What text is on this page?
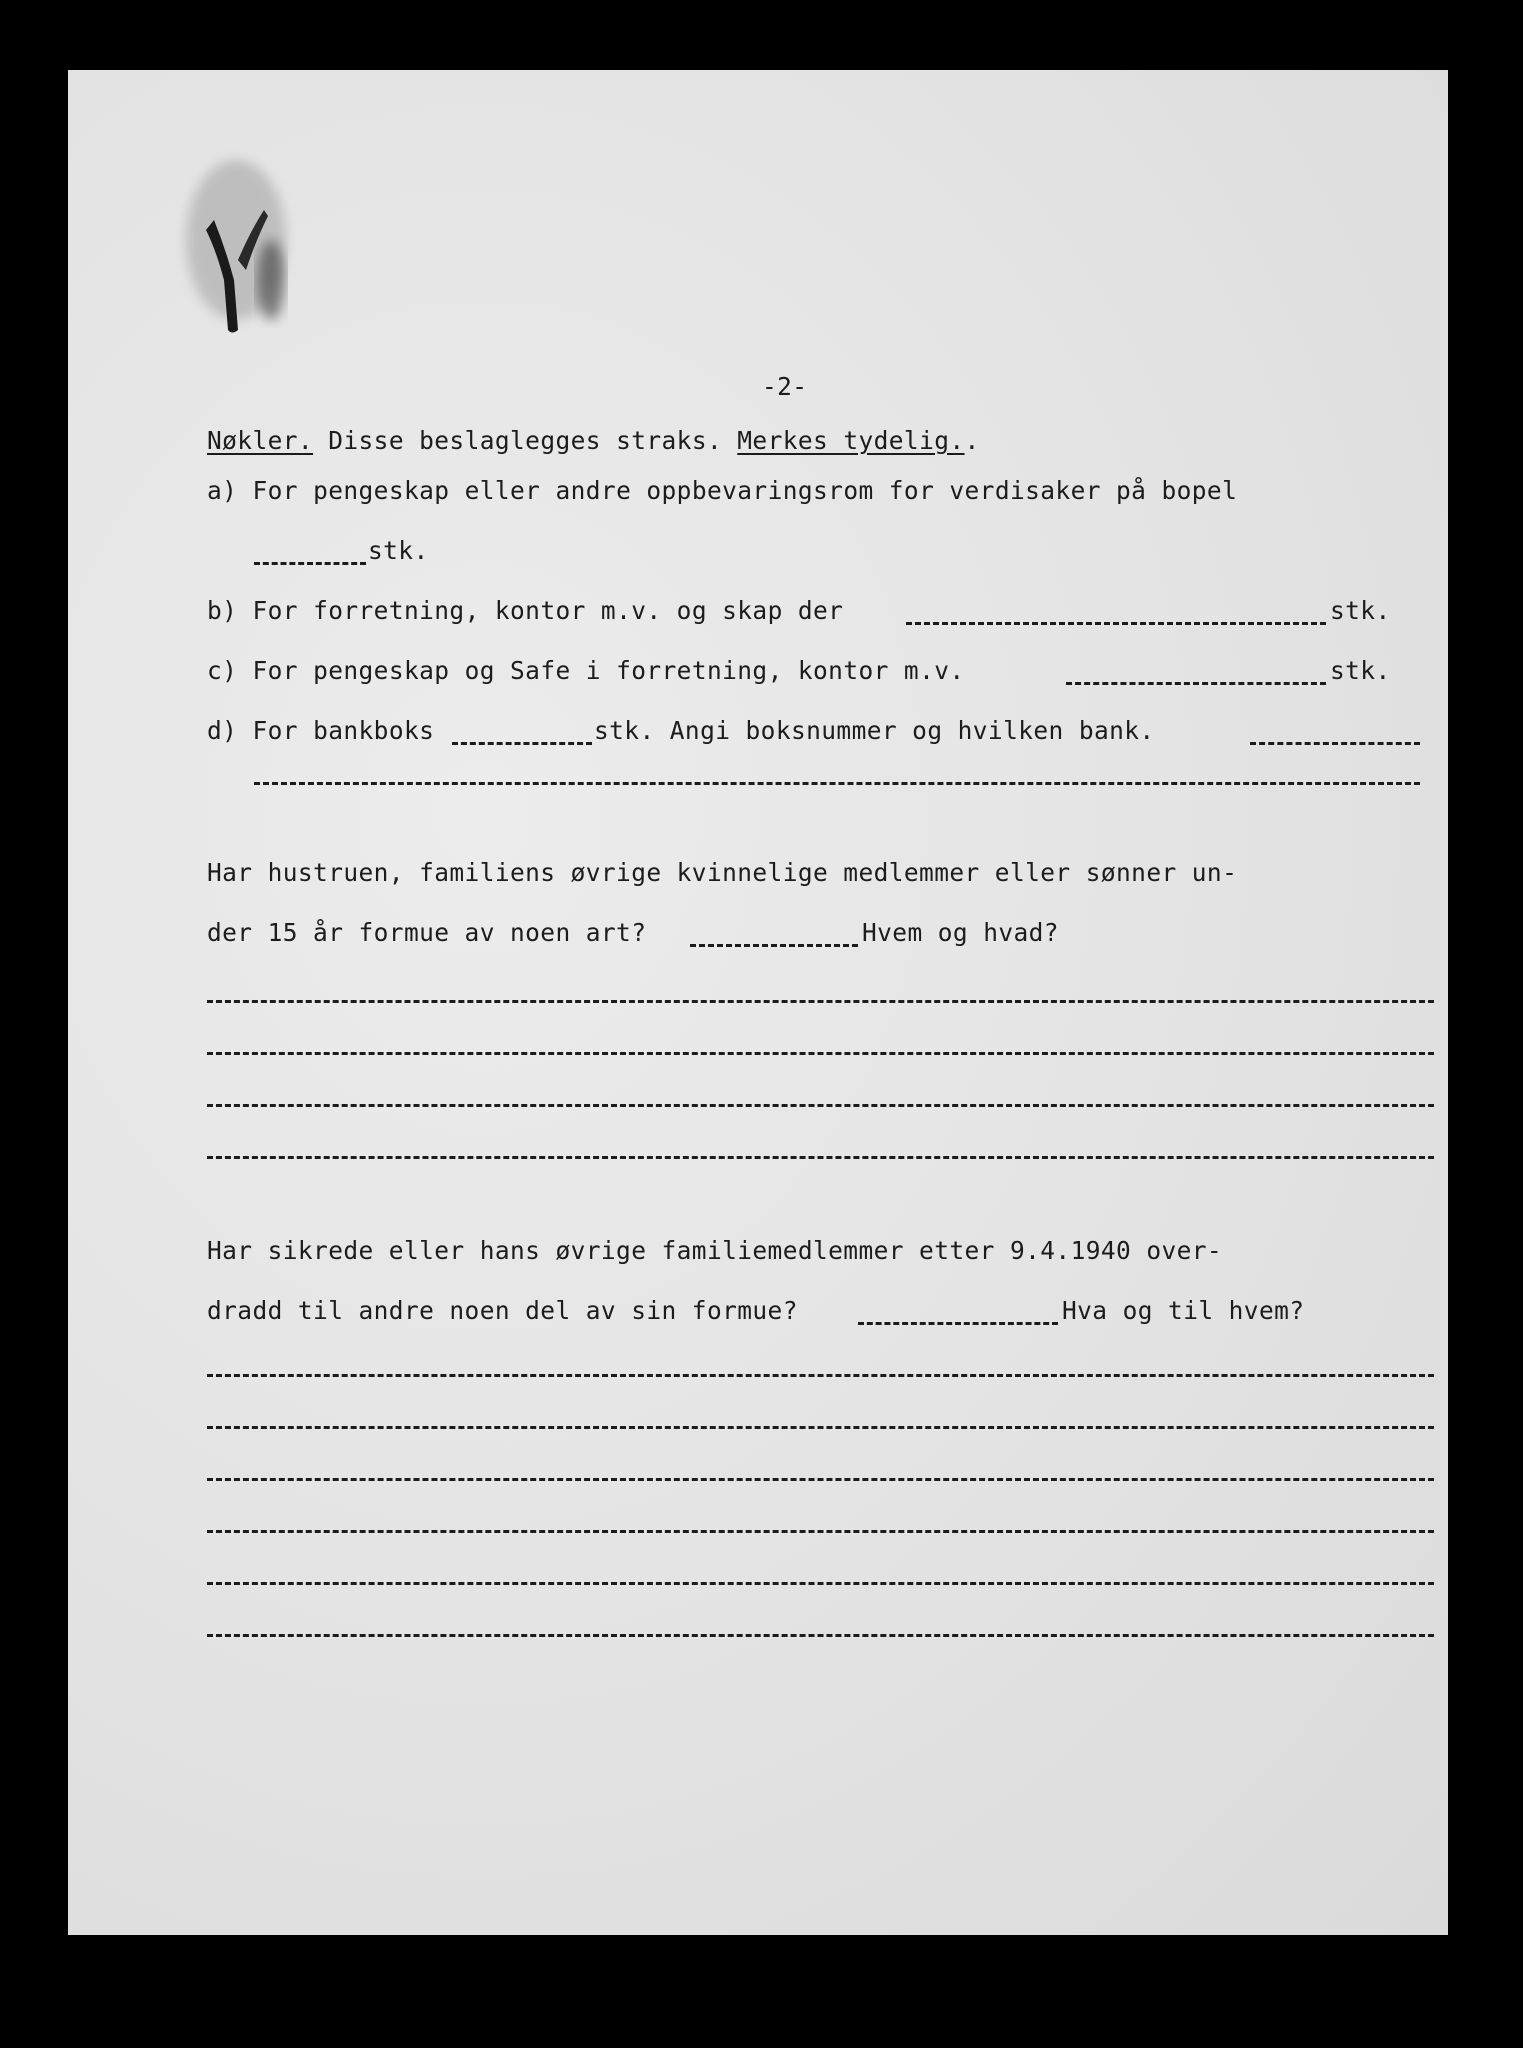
-2-
Nøkler. Disse beslaglegges straks. Merkes tydelig..
a) For pengeskap eller andre oppbevaringsrom for verdisaker på bopel
stk.
b) For forretning, kontor m.v. og skap der	stk.
c) For pengeskap og Safe i forretning, kontor m.v.	stk.
d) For bankboks	stk. Angi boksnummer og hvilken bank.
Har hustruen, familiens øvrige kvinnelige medlemmer eller sønner un-
der 15 år formue av noen art?	Hvem og hvad?
Har sikrede eller hans øvrige familiemedlemmer etter 9.4.1940 over-
dradd til andre noen del av sin formue?	Hva og til hvem?
